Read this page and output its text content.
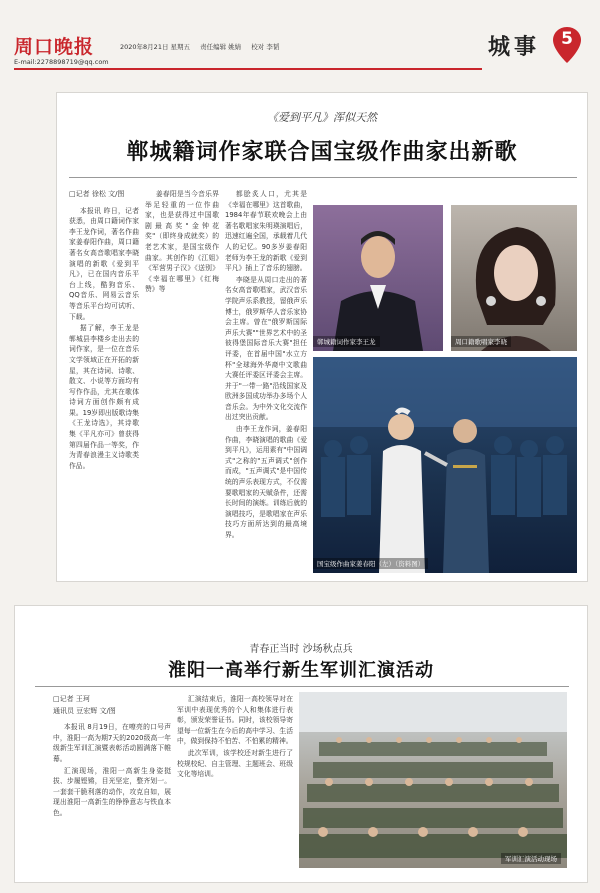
周口晚报
E-mail:2278898719@qq.com
2020年8月21日 星期五 责任编辑 姚婧 校对 李韬	城事	5
《爱到平凡》浑似天然
郸城籍词作家联合国宝级作曲家出新歌
□记者 徐松 文/图

本报讯 昨日，记者获悉，由周口籍词作家李王龙作词，著名作曲家姜春阳作曲，周口籍著名女高音歌唱家李晓演唱的新歌《爱到平凡》，已在国内音乐平台上线，酷狗音乐、QQ音乐、网易云音乐等音乐平台均可试听、下载。

据了解，李王龙是郸城县李楼乡走出去的词作家，是一位在音乐文学领域正在开拓的新星，其在诗词、诗歌、散文、小说等方面均有写作作品，尤其在歌体诗词方面创作颇有成果。19岁即出版歌诗集《王龙诗选》，其诗歌集《平凡亦可》曾获得第四届作品一等奖，作为青春浪漫主义诗歌类作品。

姜春阳是当今音乐界举足轻重的一位作曲家，也是获得过中国歌剧最高奖"金钟花奖"（即终身成就奖）的老艺术家，是国宝级作曲家。其创作的《江姐》《军营男子汉》《送别》《幸福在哪里》《红梅赞》等

都脍炙人口，尤其是《幸福在哪里》这首歌曲，1984年春节联欢晚会上由著名歌唱家朱明瑛演唱后，迅速红遍全国，承载着几代人的记忆。90多岁姜春阳老师为李王龙的新歌《爱到平凡》插上了音乐的翅膀。

李晓是从周口走出的著名女高音歌唱家，武汉音乐学院声乐系教授，留俄声乐博士，俄罗斯华人音乐家协会主席。曾在"俄罗斯国际声乐大赛""世界艺术中的圣彼得堡国际音乐大赛"担任评委，在首届中国"水立方杯"全球海外华裔中文歌曲大赛任评委区评委会主席。并于"一带一路"沿线国家及欧洲多国成功举办多场个人音乐会。为中外文化交流作出过突出贡献。

由李王龙作词，姜春阳作曲，李晓演唱的歌曲《爱到平凡》，运用素有"中国调式"之称的"五声调式"创作而成，"五声调式"是中国传统的声乐表现方式，不仅需要歌唱家的天赋条件，还需长时间的演练。训练后就的演唱技巧，是歌唱家在声乐技巧方面所达到的最高境界。

郸城籍词作家李王龙	周口籍歌唱家李晓
国宝级作曲家姜春阳（左）（资料图）
青春正当时 沙场秋点兵
淮阳一高举行新生军训汇演活动
□记者 王珂
通讯员 豆宏辉 文/图

本报讯 8月19日，在嘹亮的口号声中，淮阳一高为期7天的2020级高一年级新生军训汇演暨表彰活动圆满落下帷幕。

汇演现场，淮阳一高新生身姿挺拔、步履铿锵，目光坚定，整齐划一。一套套干脆利落的动作，攻克自如，展现出淮阳一高新生的铮铮意志与铁血本色。

汇演结束后，淮阳一高校领导对在军训中表现优秀的个人和集体进行表彰，颁发荣誉证书。同时，该校领导寄望每一位新生在今后的高中学习、生活中，做到保持不怕苦、不怕累的精神。

此次军训，该学校还对新生进行了校规校纪、自主管理、主题班会、班级文化等培训。

军训汇演活动现场
